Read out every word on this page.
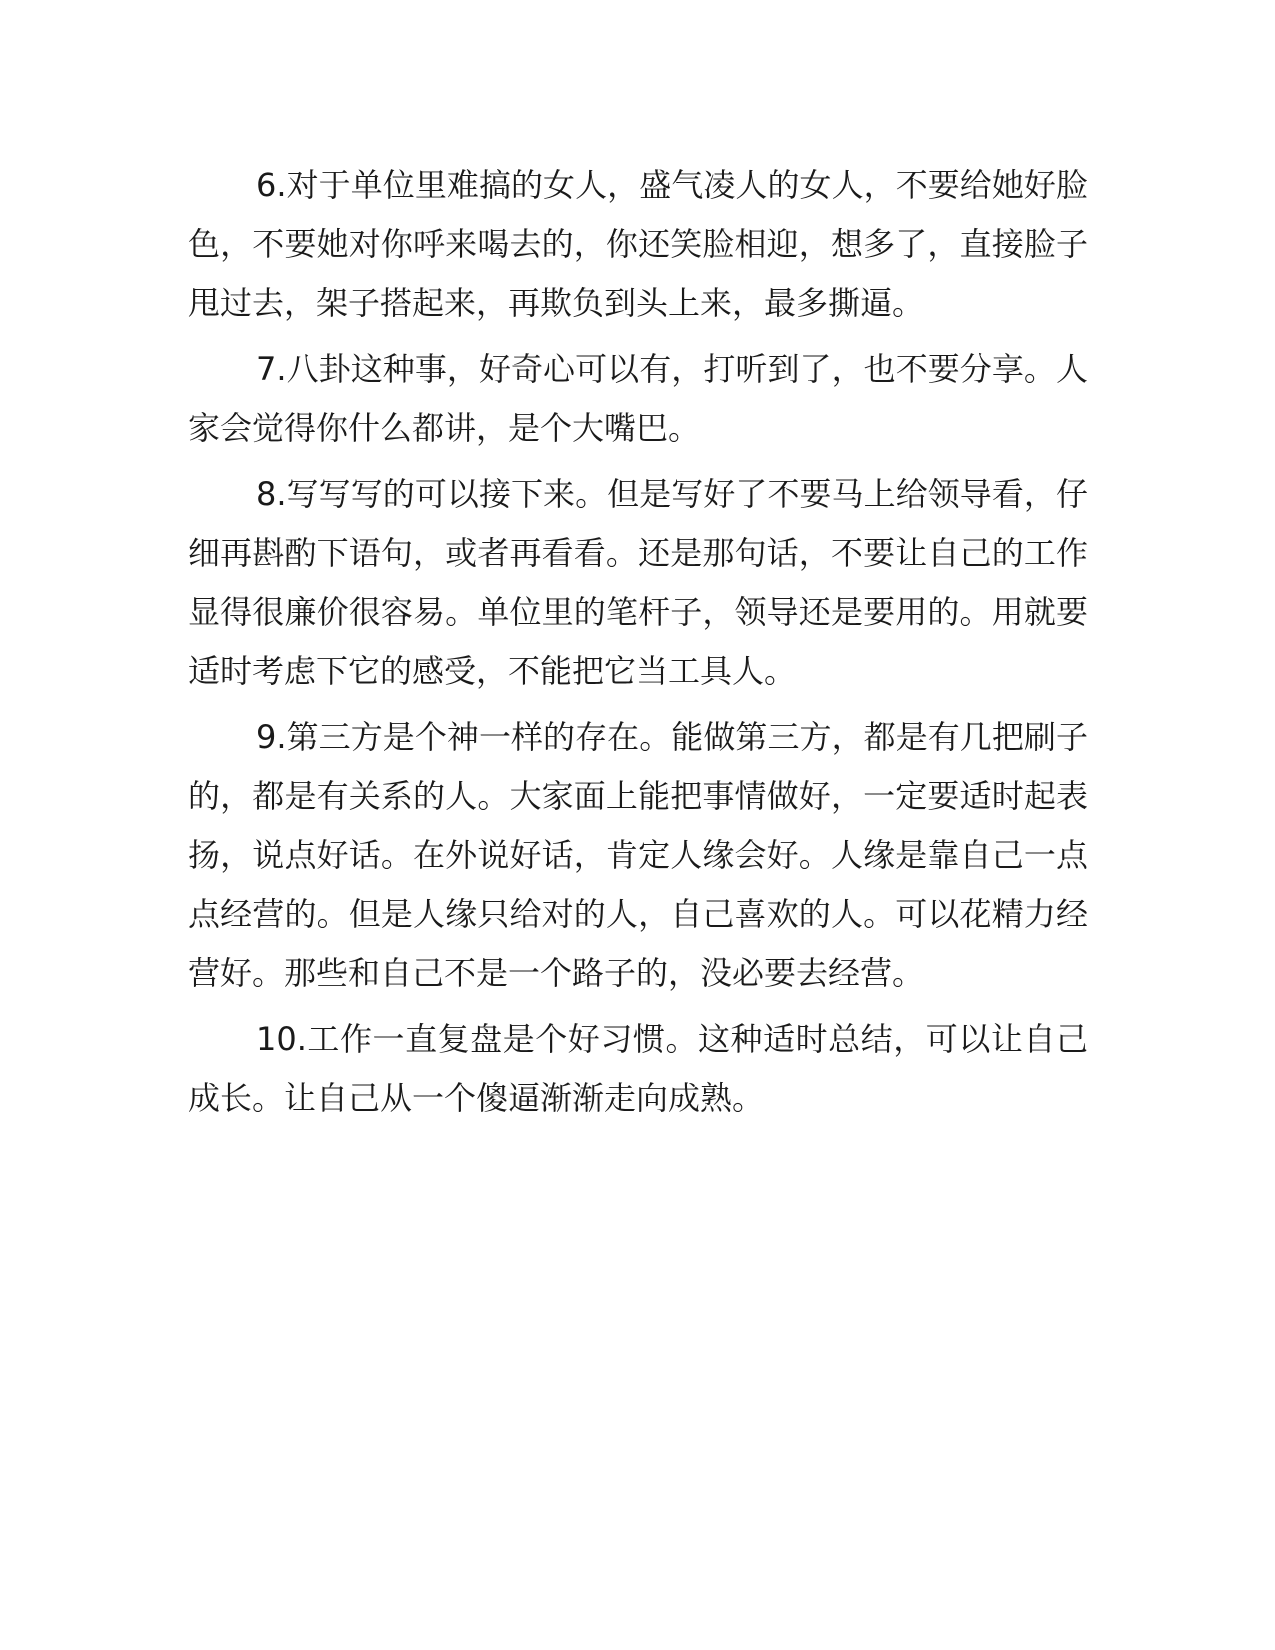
6.对于单位里难搞的女人，盛气凌人的女人，不要给她好脸色，不要她对你呼来喝去的，你还笑脸相迎，想多了，直接脸子甩过去，架子搭起来，再欺负到头上来，最多撕逼。

7.八卦这种事，好奇心可以有，打听到了，也不要分享。人家会觉得你什么都讲，是个大嘴巴。

8.写写写的可以接下来。但是写好了不要马上给领导看，仔细再斟酌下语句，或者再看看。还是那句话，不要让自己的工作显得很廉价很容易。单位里的笔杆子，领导还是要用的。用就要适时考虑下它的感受，不能把它当工具人。

9.第三方是个神一样的存在。能做第三方，都是有几把刷子的，都是有关系的人。大家面上能把事情做好，一定要适时起表扬，说点好话。在外说好话，肯定人缘会好。人缘是靠自己一点点经营的。但是人缘只给对的人，自己喜欢的人。可以花精力经营好。那些和自己不是一个路子的，没必要去经营。

10.工作一直复盘是个好习惯。这种适时总结，可以让自己成长。让自己从一个傻逼渐渐走向成熟。
